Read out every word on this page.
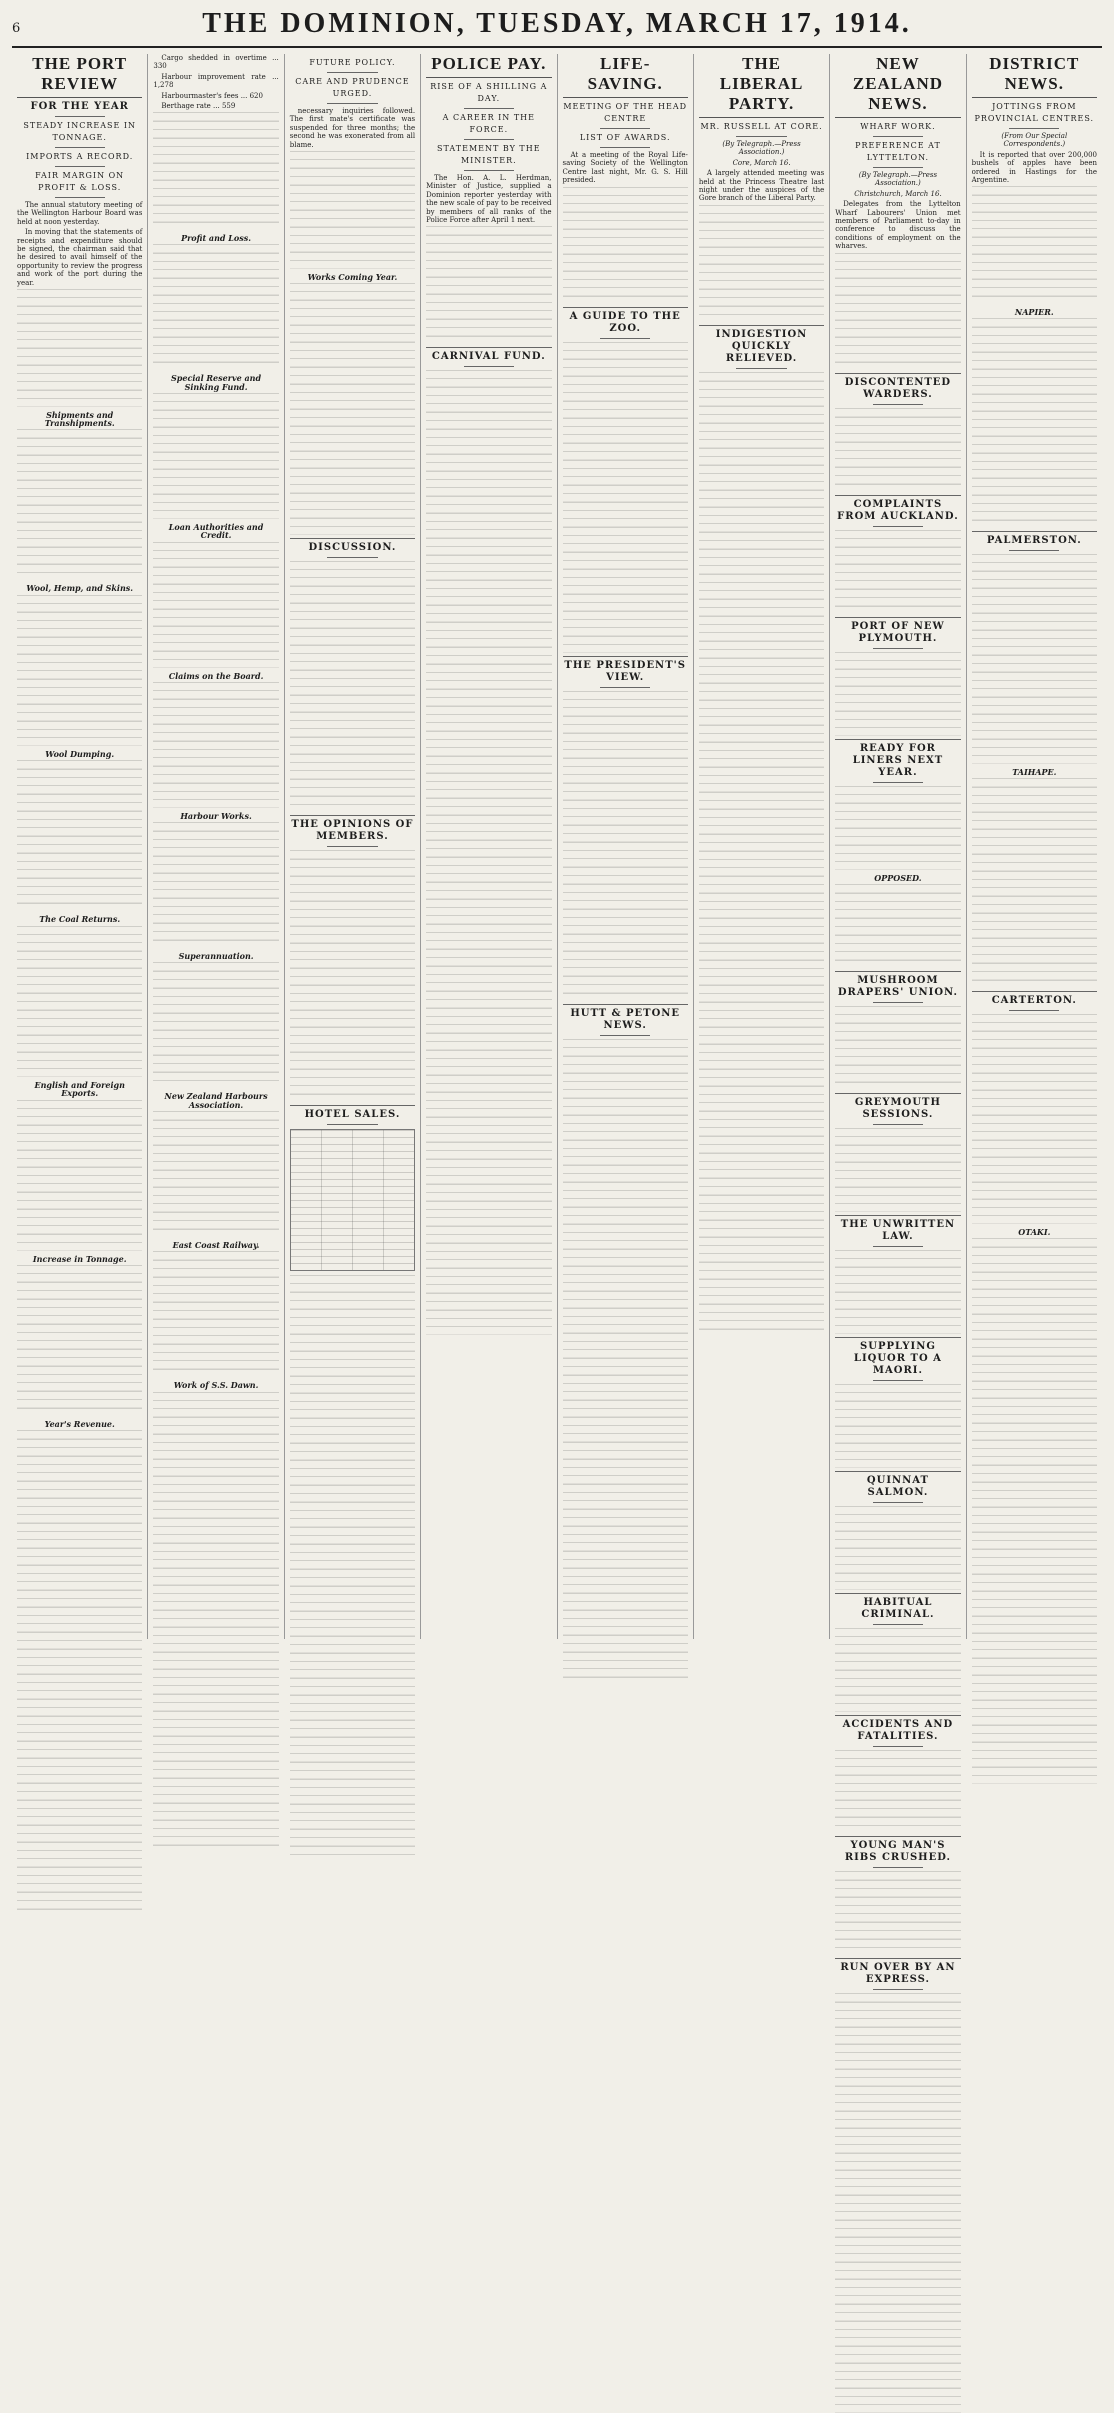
6	THE DOMINION, TUESDAY, MARCH 17, 1914.
THE PORT REVIEW
FOR THE YEAR
STEADY INCREASE IN TONNAGE.
IMPORTS A RECORD.
FAIR MARGIN ON PROFIT & LOSS.

The annual statutory meeting of the Wellington Harbour Board was held at noon yesterday.

In moving that the statements of receipts and expenditure should be signed, the chairman said that he desired to avail himself of the opportunity to review the progress and work of the port during the year.

Shipments and Transhipments.
Wool, Hemp, and Skins.
Wool Dumping.
The Coal Returns.
English and Foreign Exports.
Increase in Tonnage.
Year's Revenue.

Cargo shedded in overtime ... 330

Harbour improvement rate ... 1,278

Harbourmaster's fees ... 620

Berthage rate ... 559

Profit and Loss.
Special Reserve and Sinking Fund.
Loan Authorities and Credit.
Claims on the Board.
Harbour Works.
Superannuation.
New Zealand Harbours Association.
East Coast Railway.
Work of S.S. Dawn.
FUTURE POLICY.
CARE AND PRUDENCE URGED.

necessary inquiries followed. The first mate's certificate was suspended for three months; the second he was exonerated from all blame.

Works Coming Year.
DISCUSSION.
THE OPINIONS OF MEMBERS.
HOTEL SALES.
POLICE PAY.
RISE OF A SHILLING A DAY.
A CAREER IN THE FORCE.
STATEMENT BY THE MINISTER.

The Hon. A. L. Herdman, Minister of Justice, supplied a Dominion reporter yesterday with the new scale of pay to be received by members of all ranks of the Police Force after April 1 next.

CARNIVAL FUND.
LIFE-SAVING.
MEETING OF THE HEAD CENTRE
LIST OF AWARDS.

At a meeting of the Royal Life-saving Society of the Wellington Centre last night, Mr. G. S. Hill presided.

A GUIDE TO THE ZOO.
THE PRESIDENT'S VIEW.
HUTT & PETONE NEWS.
THE LIBERAL PARTY.
MR. RUSSELL AT CORE.
(By Telegraph.—Press Association.)
Core, March 16.

A largely attended meeting was held at the Princess Theatre last night under the auspices of the Gore branch of the Liberal Party.

INDIGESTION QUICKLY RELIEVED.
NEW ZEALAND NEWS.
WHARF WORK.
PREFERENCE AT LYTTELTON.
(By Telegraph.—Press Association.)
Christchurch, March 16.

Delegates from the Lyttelton Wharf Labourers' Union met members of Parliament to-day in conference to discuss the conditions of employment on the wharves.

DISCONTENTED WARDERS.
COMPLAINTS FROM AUCKLAND.
PORT OF NEW PLYMOUTH.
READY FOR LINERS NEXT YEAR.
OPPOSED.
MUSHROOM DRAPERS' UNION.
GREYMOUTH SESSIONS.
THE UNWRITTEN LAW.
SUPPLYING LIQUOR TO A MAORI.
QUINNAT SALMON.
HABITUAL CRIMINAL.
ACCIDENTS AND FATALITIES.
YOUNG MAN'S RIBS CRUSHED.
RUN OVER BY AN EXPRESS.
DISTRICT NEWS.
JOTTINGS FROM PROVINCIAL CENTRES.
(From Our Special Correspondents.)

It is reported that over 200,000 bushels of apples have been ordered in Hastings for the Argentine.

NAPIER.
PALMERSTON.
TAIHAPE.
CARTERTON.
OTAKI.
